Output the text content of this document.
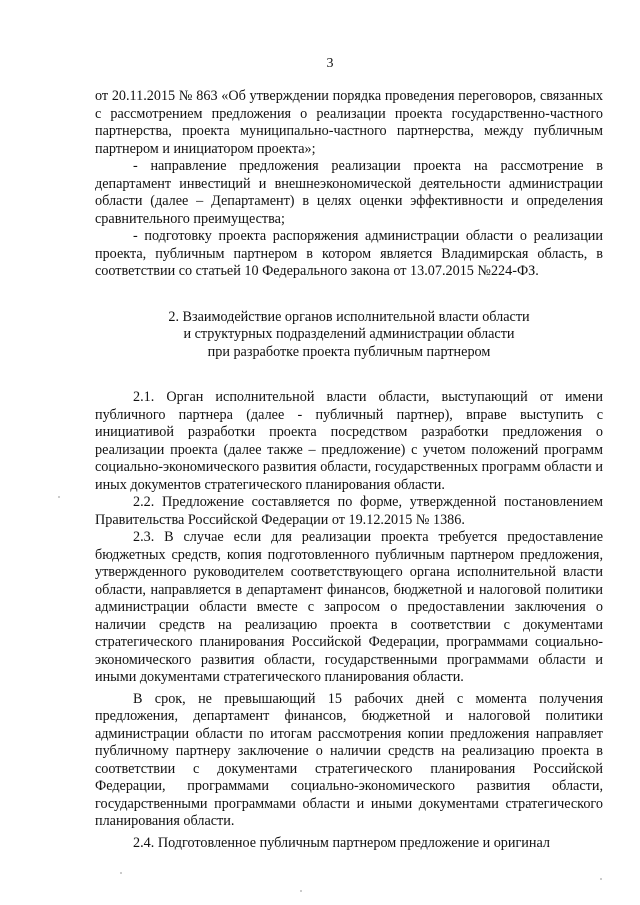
3

от 20.11.2015 № 863 «Об утверждении порядка проведения переговоров, связанных с рассмотрением предложения о реализации проекта государственно-частного партнерства, проекта муниципально-частного партнерства, между публичным партнером и инициатором проекта»;

- направление предложения реализации проекта на рассмотрение в департамент инвестиций и внешнеэкономической деятельности администрации области (далее – Департамент) в целях оценки эффективности и определения сравнительного преимущества;

- подготовку проекта распоряжения администрации области о реализации проекта, публичным партнером в котором является Владимирская область, в соответствии со статьей 10 Федерального закона от 13.07.2015 №224-ФЗ.

2. Взаимодействие органов исполнительной власти области
и структурных подразделений администрации области
при разработке проекта публичным партнером

2.1. Орган исполнительной власти области, выступающий от имени публичного партнера (далее - публичный партнер), вправе выступить с инициативой разработки проекта посредством разработки предложения о реализации проекта (далее также – предложение) с учетом положений программ социально-экономического развития области, государственных программ области и иных документов стратегического планирования области.

2.2. Предложение составляется по форме, утвержденной постановлением Правительства Российской Федерации от 19.12.2015 № 1386.

2.3. В случае если для реализации проекта требуется предоставление бюджетных средств, копия подготовленного публичным партнером предложения, утвержденного руководителем соответствующего органа исполнительной власти области, направляется в департамент финансов, бюджетной и налоговой политики администрации области вместе с запросом о предоставлении заключения о наличии средств на реализацию проекта в соответствии с документами стратегического планирования Российской Федерации, программами социально-экономического развития области, государственными программами области и иными документами стратегического планирования области.

В срок, не превышающий 15 рабочих дней с момента получения предложения, департамент финансов, бюджетной и налоговой политики администрации области по итогам рассмотрения копии предложения направляет публичному партнеру заключение о наличии средств на реализацию проекта в соответствии с документами стратегического планирования Российской Федерации, программами социально-экономического развития области, государственными программами области и иными документами стратегического планирования области.

2.4. Подготовленное публичным партнером предложение и оригинал
